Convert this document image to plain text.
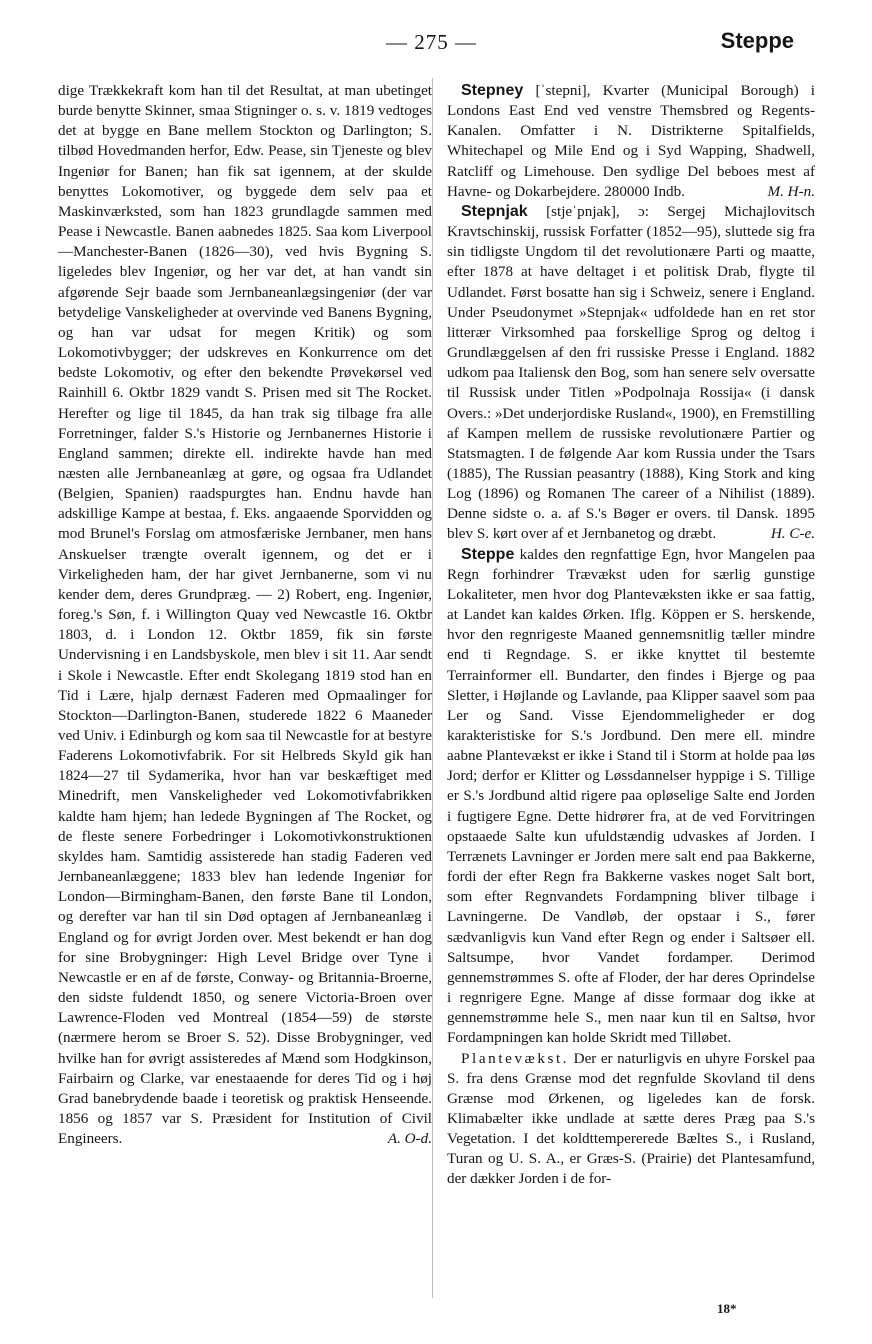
— 275 —	Steppe

dige Trækkekraft kom han til det Resultat, at man ubetinget burde benytte Skinner, smaa Stigninger o. s. v. 1819 vedtoges det at bygge en Bane mellem Stockton og Darlington; S. tilbød Hovedmanden herfor, Edw. Pease, sin Tjeneste og blev Ingeniør for Banen; han fik sat igennem, at der skulde benyttes Lokomotiver, og byggede dem selv paa et Maskinværksted, som han 1823 grundlagde sammen med Pease i Newcastle. Banen aabnedes 1825. Saa kom Liverpool—Manchester-Banen (1826—30), ved hvis Bygning S. ligeledes blev Ingeniør, og her var det, at han vandt sin afgørende Sejr baade som Jernbaneanlægsingeniør (der var betydelige Vanskeligheder at overvinde ved Banens Bygning, og han var udsat for megen Kritik) og som Lokomotivbygger; der udskreves en Konkurrence om det bedste Lokomotiv, og efter den bekendte Prøvekørsel ved Rainhill 6. Oktbr 1829 vandt S. Prisen med sit The Rocket. Herefter og lige til 1845, da han trak sig tilbage fra alle Forretninger, falder S.'s Historie og Jernbanernes Historie i England sammen; direkte ell. indirekte havde han med næsten alle Jernbaneanlæg at gøre, og ogsaa fra Udlandet (Belgien, Spanien) raadspurgtes han. Endnu havde han adskillige Kampe at bestaa, f. Eks. angaaende Sporvidden og mod Brunel's Forslag om atmosfæriske Jernbaner, men hans Anskuelser trængte overalt igennem, og det er i Virkeligheden ham, der har givet Jernbanerne, som vi nu kender dem, deres Grundpræg. — 2) Robert, eng. Ingeniør, foreg.'s Søn, f. i Willington Quay ved Newcastle 16. Oktbr 1803, d. i London 12. Oktbr 1859, fik sin første Undervisning i en Landsbyskole, men blev i sit 11. Aar sendt i Skole i Newcastle. Efter endt Skolegang 1819 stod han en Tid i Lære, hjalp dernæst Faderen med Opmaalinger for Stockton—Darlington-Banen, studerede 1822 6 Maaneder ved Univ. i Edinburgh og kom saa til Newcastle for at bestyre Faderens Lokomotivfabrik. For sit Helbreds Skyld gik han 1824—27 til Sydamerika, hvor han var beskæftiget med Minedrift, men Vanskeligheder ved Lokomotivfabrikken kaldte ham hjem; han ledede Bygningen af The Rocket, og de fleste senere Forbedringer i Lokomotivkonstruktionen skyldes ham. Samtidig assisterede han stadig Faderen ved Jernbaneanlæggene; 1833 blev han ledende Ingeniør for London—Birmingham-Banen, den første Bane til London, og derefter var han til sin Død optagen af Jernbaneanlæg i England og for øvrigt Jorden over. Mest bekendt er han dog for sine Brobygninger: High Level Bridge over Tyne i Newcastle er en af de første, Conway- og Britannia-Broerne, den sidste fuldendt 1850, og senere Victoria-Broen over Lawrence-Floden ved Montreal (1854—59) de største (nærmere herom se Broer S. 52). Disse Brobygninger, ved hvilke han for øvrigt assisteredes af Mænd som Hodgkinson, Fairbairn og Clarke, var enestaaende for deres Tid og i høj Grad banebrydende baade i teoretisk og praktisk Henseende. 1856 og 1857 var S. Præsident for Institution of Civil Engineers.	A. O-d.

Stepney [ˈstepni], Kvarter (Municipal Borough) i Londons East End ved venstre Themsbred og Regents-Kanalen. Omfatter i N. Distrikterne Spitalfields, Whitechapel og Mile End og i Syd Wapping, Shadwell, Ratcliff og Limehouse. Den sydlige Del beboes mest af Havne- og Dokarbejdere. 280000 Indb.	M. H-n.

Stepnjak [stjeˈpnjak], ɔ: Sergej Michajlovitsch Kravtschinskij, russisk Forfatter (1852—95), sluttede sig fra sin tidligste Ungdom til det revolutionære Parti og maatte, efter 1878 at have deltaget i et politisk Drab, flygte til Udlandet. Først bosatte han sig i Schweiz, senere i England. Under Pseudonymet »Stepnjak« udfoldede han en ret stor litterær Virksomhed paa forskellige Sprog og deltog i Grundlæggelsen af den fri russiske Presse i England. 1882 udkom paa Italiensk den Bog, som han senere selv oversatte til Russisk under Titlen »Podpolnaja Rossija« (i dansk Overs.: »Det underjordiske Rusland«, 1900), en Fremstilling af Kampen mellem de russiske revolutionære Partier og Statsmagten. I de følgende Aar kom Russia under the Tsars (1885), The Russian peasantry (1888), King Stork and king Log (1896) og Romanen The career of a Nihilist (1889). Denne sidste o. a. af S.'s Bøger er overs. til Dansk. 1895 blev S. kørt over af et Jernbanetog og dræbt.	H. C-e.

Steppe kaldes den regnfattige Egn, hvor Mangelen paa Regn forhindrer Trævækst uden for særlig gunstige Lokaliteter, men hvor dog Plantevæksten ikke er saa fattig, at Landet kan kaldes Ørken. Iflg. Köppen er S. herskende, hvor den regnrigeste Maaned gennemsnitlig tæller mindre end ti Regndage. S. er ikke knyttet til bestemte Terrainformer ell. Bundarter, den findes i Bjerge og paa Sletter, i Højlande og Lavlande, paa Klipper saavel som paa Ler og Sand. Visse Ejendommeligheder er dog karakteristiske for S.'s Jordbund. Den mere ell. mindre aabne Plantevækst er ikke i Stand til i Storm at holde paa løs Jord; derfor er Klitter og Løssdannelser hyppige i S. Tillige er S.'s Jordbund altid rigere paa opløselige Salte end Jorden i fugtigere Egne. Dette hidrører fra, at de ved Forvitringen opstaaede Salte kun ufuldstændig udvaskes af Jorden. I Terrænets Lavninger er Jorden mere salt end paa Bakkerne, fordi der efter Regn fra Bakkerne vaskes noget Salt bort, som efter Regnvandets Fordampning bliver tilbage i Lavningerne. De Vandløb, der opstaar i S., fører sædvanligvis kun Vand efter Regn og ender i Saltsøer ell. Saltsumpe, hvor Vandet fordamper. Derimod gennemstrømmes S. ofte af Floder, der har deres Oprindelse i regnrigere Egne. Mange af disse formaar dog ikke at gennemstrømme hele S., men naar kun til en Saltsø, hvor Fordampningen kan holde Skridt med Tilløbet.

Plantevækst. Der er naturligvis en uhyre Forskel paa S. fra dens Grænse mod det regnfulde Skovland til dens Grænse mod Ørkenen, og ligeledes kan de forsk. Klimabælter ikke undlade at sætte deres Præg paa S.'s Vegetation. I det koldttempererede Bæltes S., i Rusland, Turan og U. S. A., er Græs-S. (Prairie) det Plantesamfund, der dækker Jorden i de for-

18*
